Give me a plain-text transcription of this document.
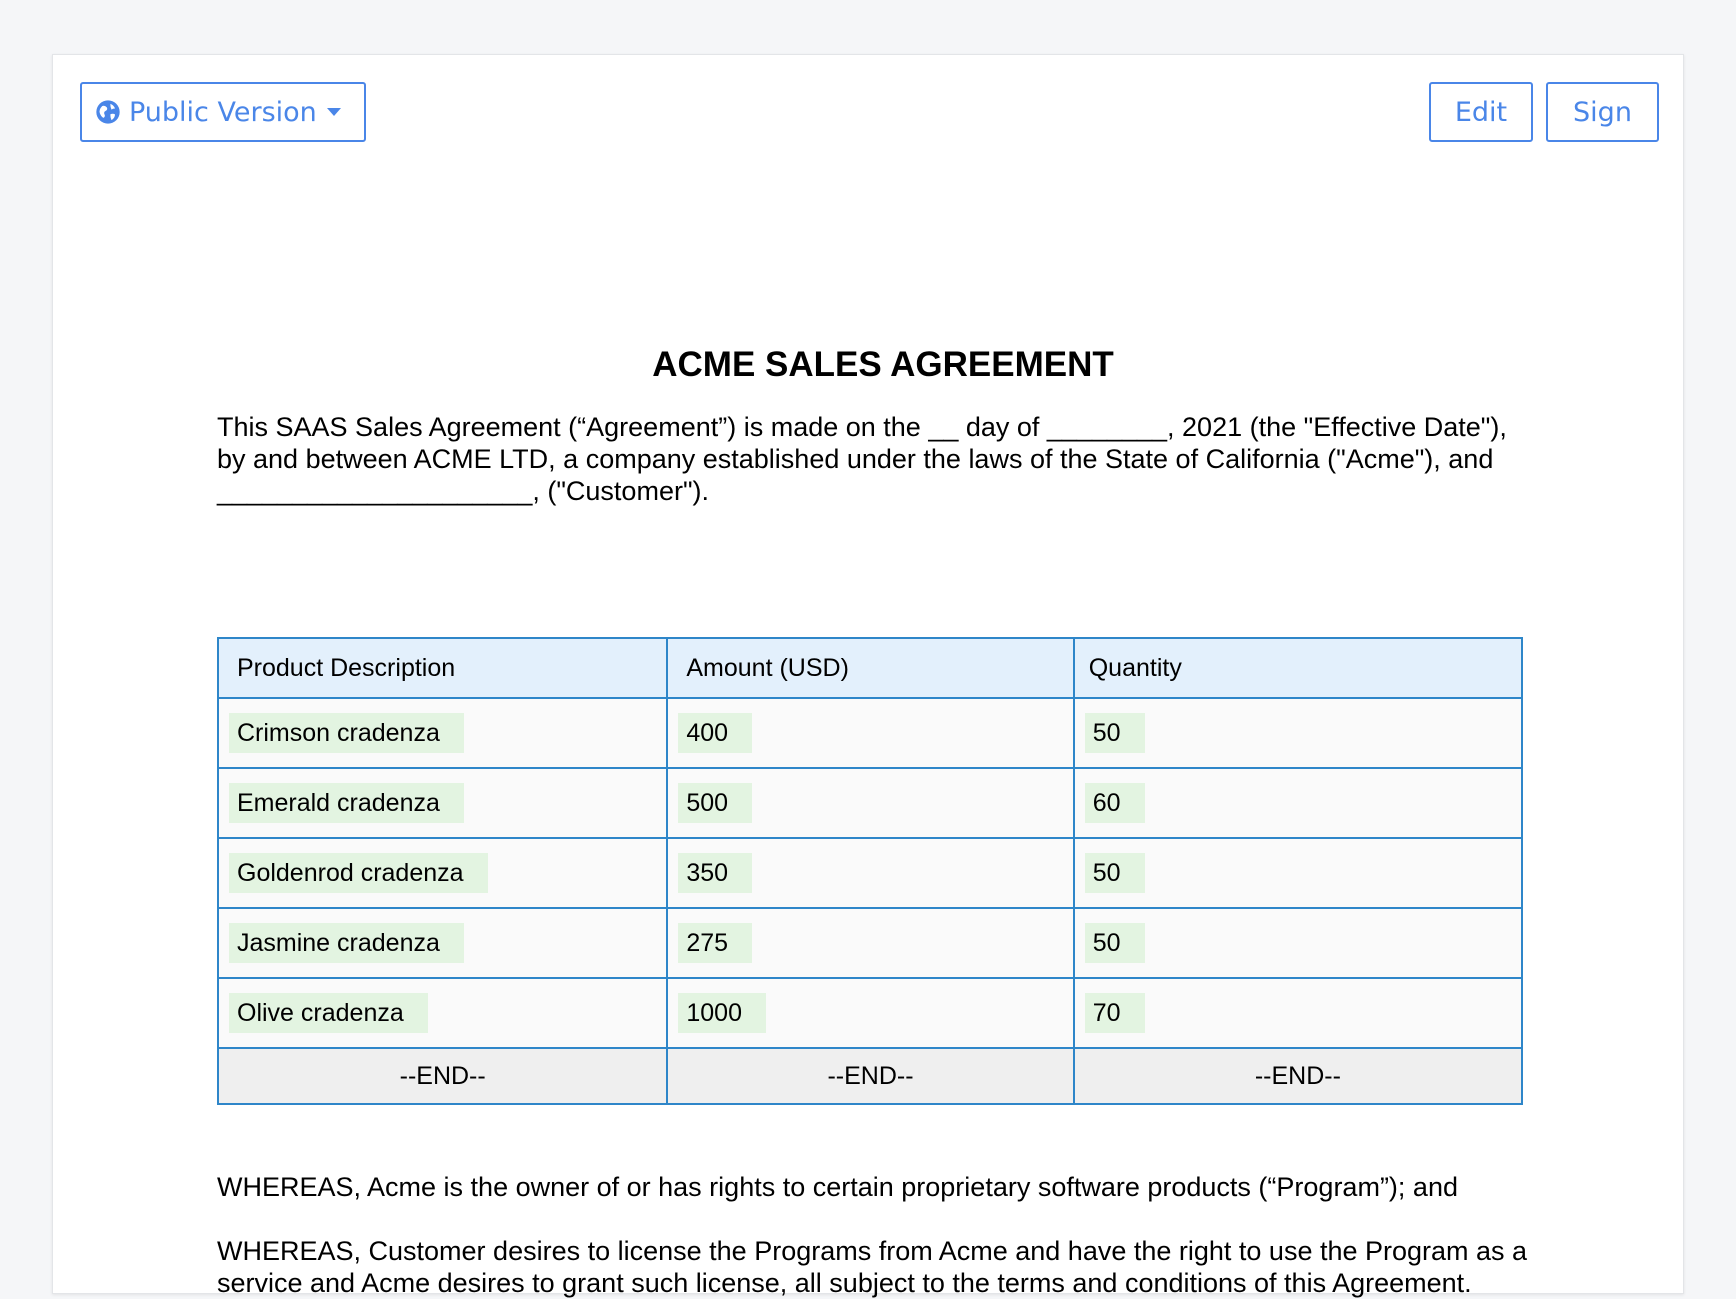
Public Version	Edit	Sign
ACME SALES AGREEMENT
This SAAS Sales Agreement (“Agreement”) is made on the __ day of ________, 2021 (the "Effective Date"), by and between ACME LTD, a company established under the laws of the State of California ("Acme"), and _____________________, ("Customer").
Product Description	Amount (USD)	Quantity
Crimson cradenza	400	50
Emerald cradenza	500	60
Goldenrod cradenza	350	50
Jasmine cradenza	275	50
Olive cradenza	1000	70
--END--	--END--	--END--
WHEREAS, Acme is the owner of or has rights to certain proprietary software products (“Program”); and
WHEREAS, Customer desires to license the Programs from Acme and have the right to use the Program as a service and Acme desires to grant such license, all subject to the terms and conditions of this Agreement.
